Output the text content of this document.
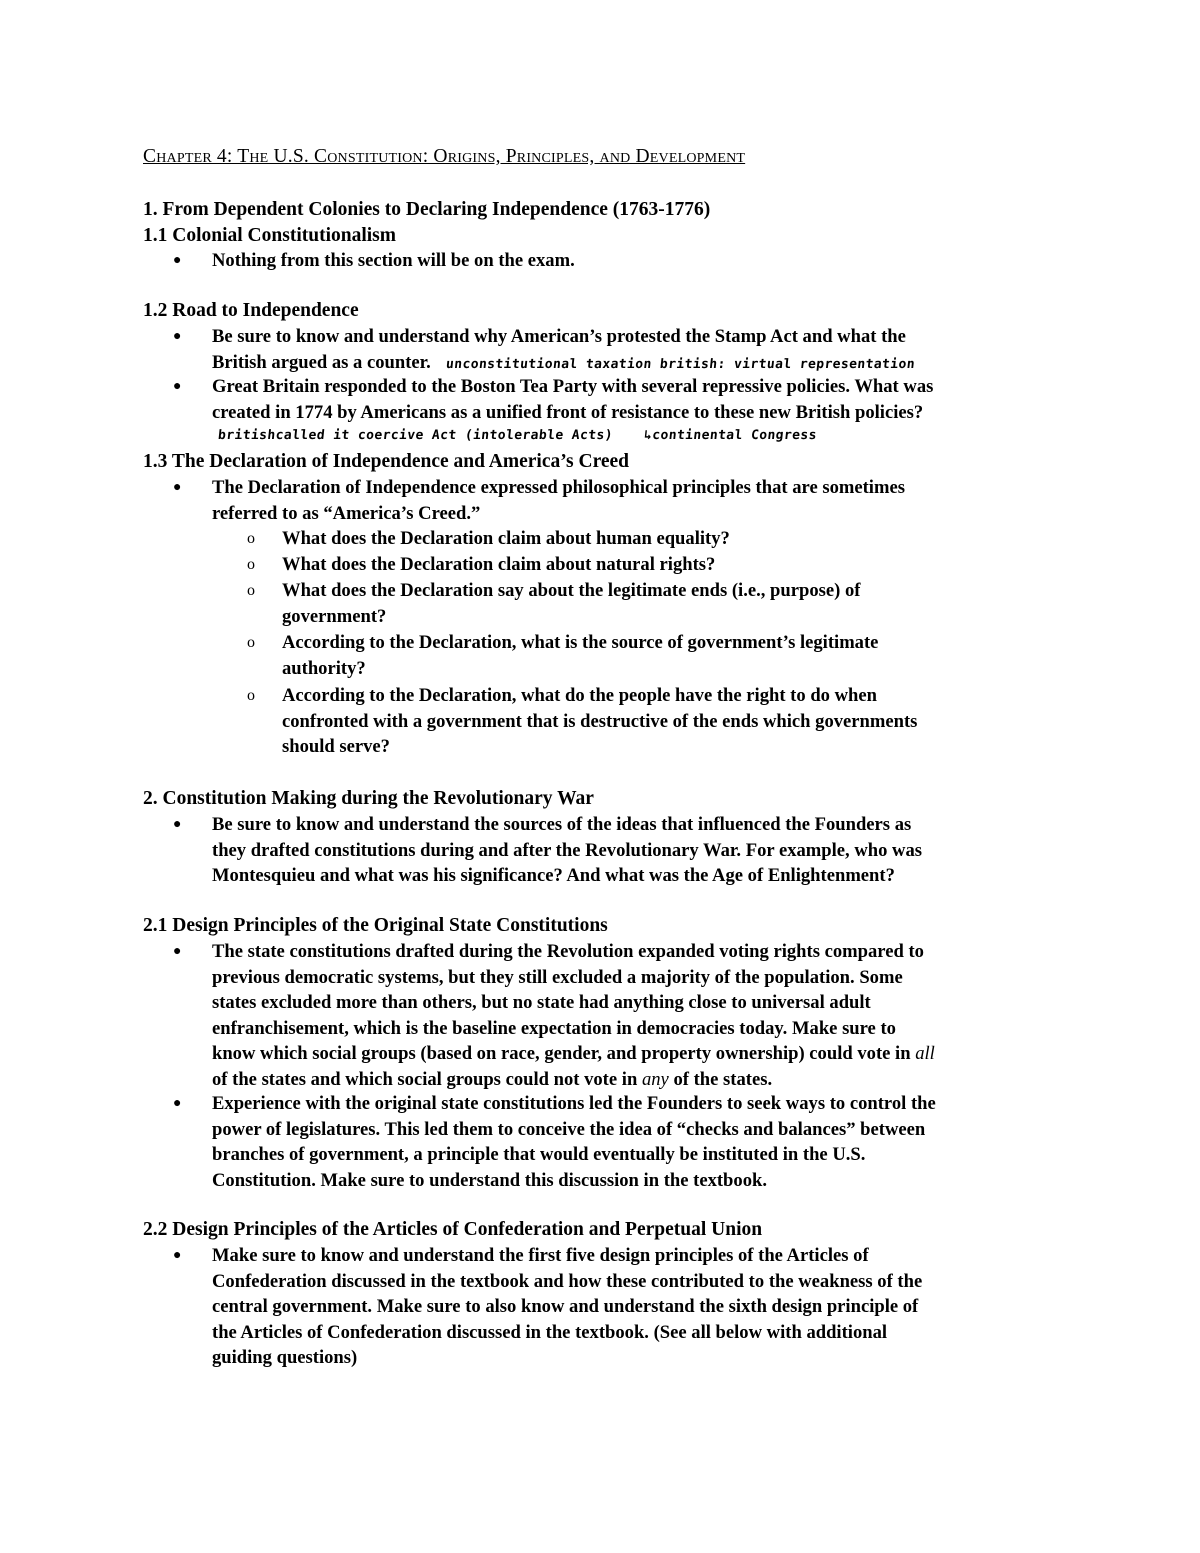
Chapter 4: The U.S. Constitution: Origins, Principles, and Development
1. From Dependent Colonies to Declaring Independence (1763-1776)
1.1 Colonial Constitutionalism
● Nothing from this section will be on the exam.
1.2 Road to Independence
● Be sure to know and understand why American’s protested the Stamp Act and what the
British argued as a counter. unconstitutional taxation british: virtual representation
● Great Britain responded to the Boston Tea Party with several repressive policies. What was
created in 1774 by Americans as a unified front of resistance to these new British policies?
britishcalled it coercive Act (intolerable Acts) ↳continental Congress
1.3 The Declaration of Independence and America’s Creed
● The Declaration of Independence expressed philosophical principles that are sometimes
referred to as “America’s Creed.”
o What does the Declaration claim about human equality?
o What does the Declaration claim about natural rights?
o What does the Declaration say about the legitimate ends (i.e., purpose) of
government?
o According to the Declaration, what is the source of government’s legitimate
authority?
o According to the Declaration, what do the people have the right to do when
confronted with a government that is destructive of the ends which governments
should serve?
2. Constitution Making during the Revolutionary War
● Be sure to know and understand the sources of the ideas that influenced the Founders as
they drafted constitutions during and after the Revolutionary War. For example, who was
Montesquieu and what was his significance? And what was the Age of Enlightenment?
2.1 Design Principles of the Original State Constitutions
● The state constitutions drafted during the Revolution expanded voting rights compared to
previous democratic systems, but they still excluded a majority of the population. Some
states excluded more than others, but no state had anything close to universal adult
enfranchisement, which is the baseline expectation in democracies today. Make sure to
know which social groups (based on race, gender, and property ownership) could vote in all
of the states and which social groups could not vote in any of the states.
● Experience with the original state constitutions led the Founders to seek ways to control the
power of legislatures. This led them to conceive the idea of “checks and balances” between
branches of government, a principle that would eventually be instituted in the U.S.
Constitution. Make sure to understand this discussion in the textbook.
2.2 Design Principles of the Articles of Confederation and Perpetual Union
● Make sure to know and understand the first five design principles of the Articles of
Confederation discussed in the textbook and how these contributed to the weakness of the
central government. Make sure to also know and understand the sixth design principle of
the Articles of Confederation discussed in the textbook. (See all below with additional
guiding questions)
